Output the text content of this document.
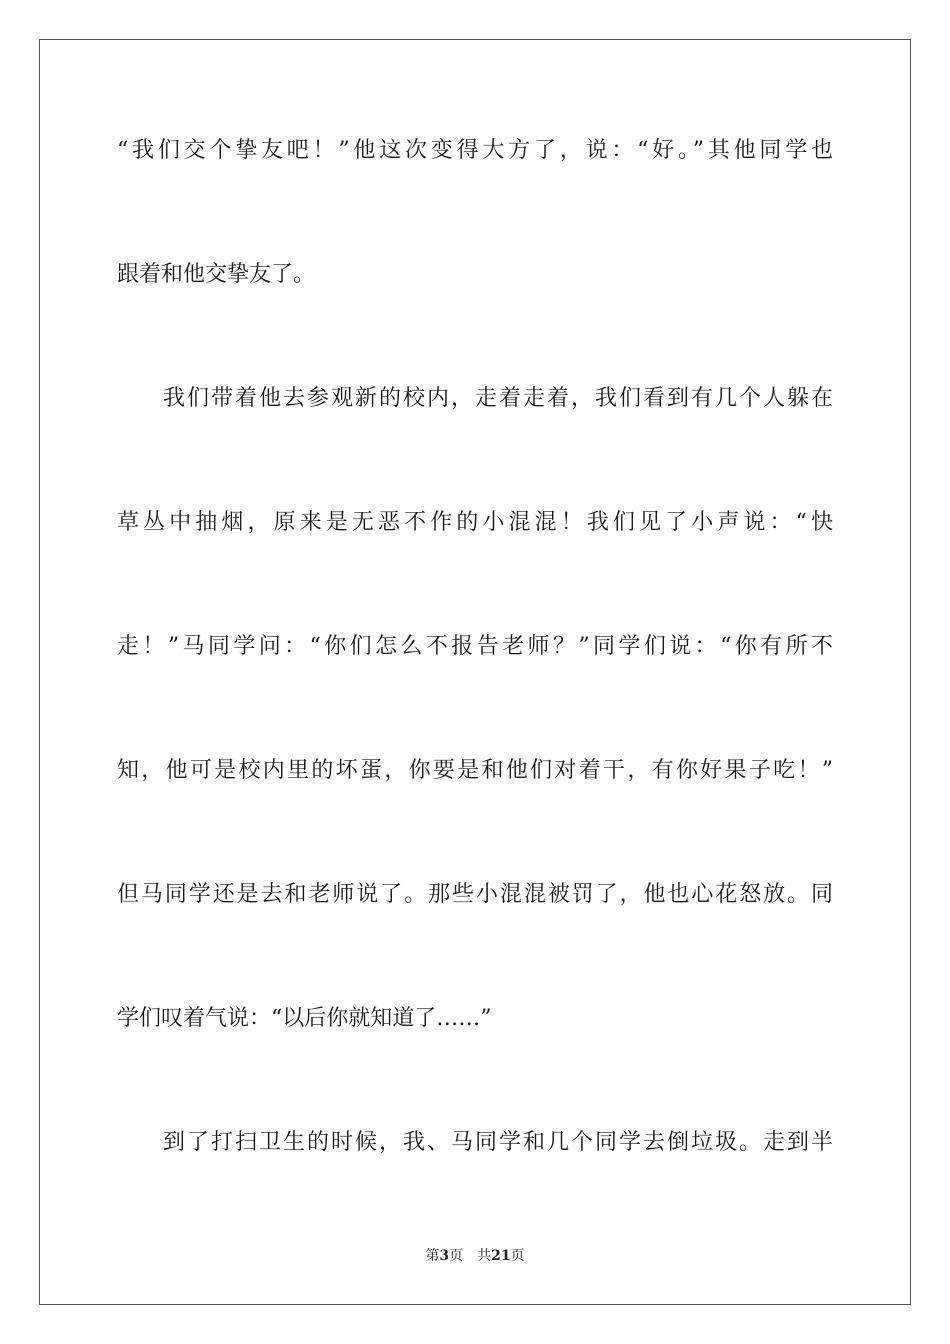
“我们交个挚友吧！”他这次变得大方了，说：“好。”其他同学也
跟着和他交挚友了。
我们带着他去参观新的校内，走着走着，我们看到有几个人躲在
草丛中抽烟，原来是无恶不作的小混混！我们见了小声说：“快
走！”马同学问：“你们怎么不报告老师？”同学们说：“你有所不
知，他可是校内里的坏蛋，你要是和他们对着干，有你好果子吃！”
但马同学还是去和老师说了。那些小混混被罚了，他也心花怒放。同
学们叹着气说：“以后你就知道了……”
到了打扫卫生的时候，我、马同学和几个同学去倒垃圾。走到半
第3页 共21页
